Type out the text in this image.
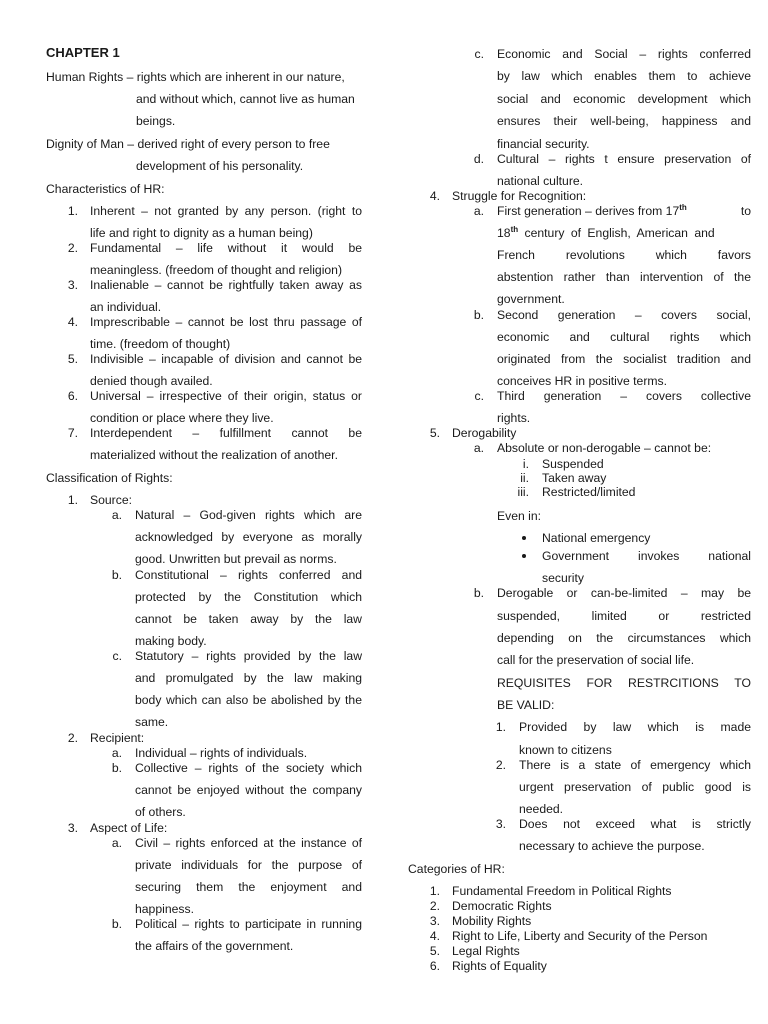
CHAPTER 1
Human Rights – rights which are inherent in our nature,
and without which, cannot live as human
beings.
Dignity of Man – derived right of every person to free
development of his personality.
Characteristics of HR:
1. Inherent – not granted by any person. (right to
life and right to dignity as a human being)
2. Fundamental – life without it would be
meaningless. (freedom of thought and religion)
3. Inalienable – cannot be rightfully taken away as
an individual.
4. Imprescribable – cannot be lost thru passage of
time. (freedom of thought)
5. Indivisible – incapable of division and cannot be
denied though availed.
6. Universal – irrespective of their origin, status or
condition or place where they live.
7. Interdependent – fulfillment cannot be
materialized without the realization of another.
Classification of Rights:
1. Source:
a. Natural – God-given rights which are
acknowledged by everyone as morally
good. Unwritten but prevail as norms.
b. Constitutional – rights conferred and
protected by the Constitution which
cannot be taken away by the law
making body.
c. Statutory – rights provided by the law
and promulgated by the law making
body which can also be abolished by the
same.
2. Recipient:
a. Individual – rights of individuals.
b. Collective – rights of the society which
cannot be enjoyed without the company
of others.
3. Aspect of Life:
a. Civil – rights enforced at the instance of
private individuals for the purpose of
securing them the enjoyment and
happiness.
b. Political – rights to participate in running
the affairs of the government.
c. Economic and Social – rights conferred
by law which enables them to achieve
social and economic development which
ensures their well-being, happiness and
financial security.
d. Cultural – rights t ensure preservation of
national culture.
4. Struggle for Recognition:
a. First generation – derives from 17th	to
18th century of English, American and
French revolutions which favors
abstention rather than intervention of the
government.
b. Second generation – covers social,
economic and cultural rights which
originated from the socialist tradition and
conceives HR in positive terms.
c. Third generation – covers collective
rights.
5. Derogability
a. Absolute or non-derogable – cannot be:
i. Suspended
ii. Taken away
iii. Restricted/limited
Even in:
National emergency
Government invokes national
security
b. Derogable or can-be-limited – may be
suspended, limited or restricted
depending on the circumstances which
call for the preservation of social life.
REQUISITES FOR RESTRCITIONS TO
BE VALID:
1. Provided by law which is made
known to citizens
2. There is a state of emergency which
urgent preservation of public good is
needed.
3. Does not exceed what is strictly
necessary to achieve the purpose.
Categories of HR:
1. Fundamental Freedom in Political Rights
2. Democratic Rights
3. Mobility Rights
4. Right to Life, Liberty and Security of the Person
5. Legal Rights
6. Rights of Equality
